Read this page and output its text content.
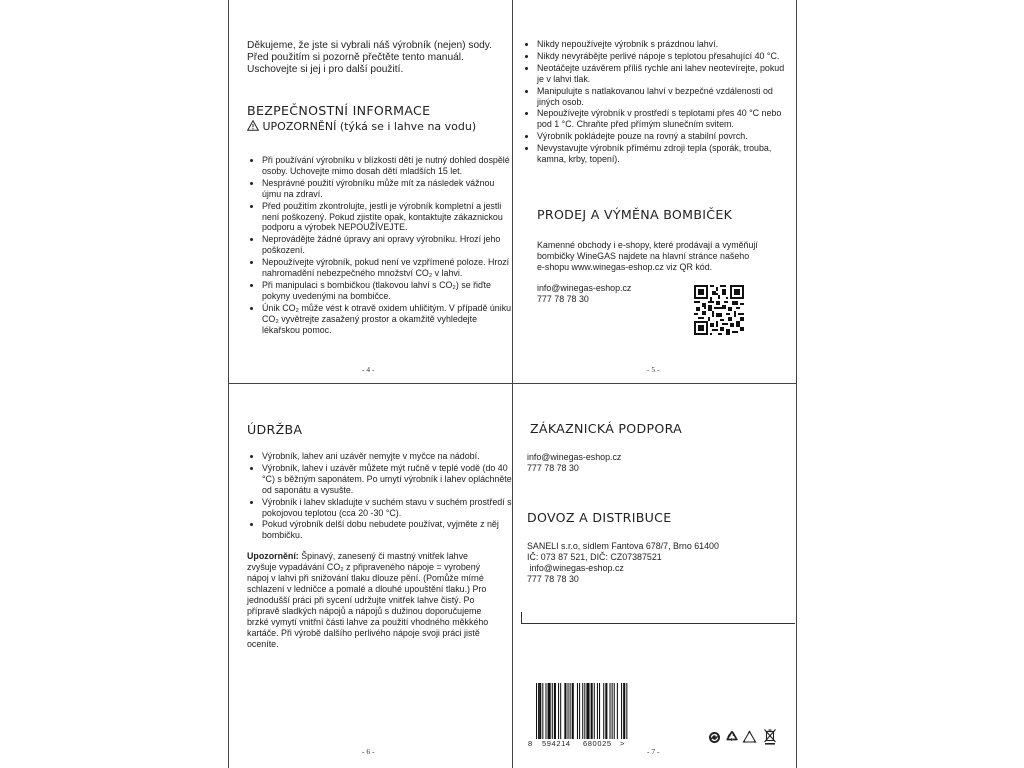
Děkujeme, že jste si vybrali náš výrobník (nejen) sody.

Před použitím si pozorně přečtěte tento manuál.

Uschovejte si jej i pro další použití.

BEZPEČNOSTNÍ INFORMACE
UPOZORNĚNÍ (týká se i lahve na vodu)
• Při používání výrobníku v blízkosti dětí je nutný dohled dospělé osoby. Uchovejte mimo dosah dětí mladších 15 let.
• Nesprávné použití výrobníku může mít za následek vážnou újmu na zdraví.
• Před použitím zkontrolujte, jestli je výrobník kompletní a jestli není poškozený. Pokud zjistíte opak, kontaktujte zákaznickou podporu a výrobek NEPOUŽÍVEJTE.
• Neprovádějte žádné úpravy ani opravy výrobníku. Hrozí jeho poškození.
• Nepoužívejte výrobník, pokud není ve vzpřímené poloze. Hrozí nahromadění nebezpečného množství CO₂ v lahvi.
• Při manipulaci s bombičkou (tlakovou lahví s CO₂) se řiďte pokyny uvedenými na bombičce.
• Únik CO₂ může vést k otravě oxidem uhličitým. V případě úniku CO₂ vyvětrejte zasažený prostor a okamžitě vyhledejte lékařskou pomoc.
- 4 -
• Nikdy nepoužívejte výrobník s prázdnou lahví.
• Nikdy nevyrábějte perlivé nápoje s teplotou přesahující 40 °C.
• Neotáčejte uzávěrem příliš rychle ani lahev neotevírejte, pokud je v lahvi tlak.
• Manipulujte s natlakovanou lahví v bezpečné vzdálenosti od jiných osob.
• Nepoužívejte výrobník v prostředí s teplotami přes 40 °C nebo pod 1 °C. Chraňte před přímým slunečním svitem.
• Výrobník pokládejte pouze na rovný a stabilní povrch.
• Nevystavujte výrobník přímému zdroji tepla (sporák, trouba, kamna, krby, topení).
PRODEJ A VÝMĚNA BOMBIČEK

Kamenné obchody i e-shopy, které prodávají a vyměňují

bombičky WineGAS najdete na hlavní stránce našeho

e-shopu www.winegas-eshop.cz viz QR kód.

info@winegas-eshop.cz

777 78 78 30

- 5 -
ÚDRŽBA
• Výrobník, lahev ani uzávěr nemyjte v myčce na nádobí.
• Výrobník, lahev i uzávěr můžete mýt ručně v teplé vodě (do 40 °C) s běžným saponátem. Po umytí výrobník i lahev opláchněte od saponátu a vysušte.
• Výrobník i lahev skladujte v suchém stavu v suchém prostředí s pokojovou teplotou (cca 20 -30 °C).
• Pokud výrobník delší dobu nebudete používat, vyjměte z něj bombičku.

Upozornění: Špinavý, zanesený či mastný vnitřek lahve zvyšuje vypadávání CO₂ z připraveného nápoje = vyrobený nápoj v lahvi při snižování tlaku dlouze pění. (Pomůže mírné schlazení v ledničce a pomalé a dlouhé upouštění tlaku.) Pro jednodušší práci při sycení udržujte vnitřek lahve čistý. Po přípravě sladkých nápojů a nápojů s dužinou doporučujeme brzké vymytí vnitřní části lahve za použití vhodného měkkého kartáče. Při výrobě dalšího perlivého nápoje svoji práci jistě oceníte.

- 6 -
ZÁKAZNICKÁ PODPORA

info@winegas-eshop.cz

777 78 78 30

DOVOZ A DISTRIBUCE

SANELI s.r.o, sídlem Fantova 678/7, Brno 61400

IČ: 073 87 521, DIČ: CZ07387521

info@winegas-eshop.cz

777 78 78 30

8 594214 680025 >
- 7 -
